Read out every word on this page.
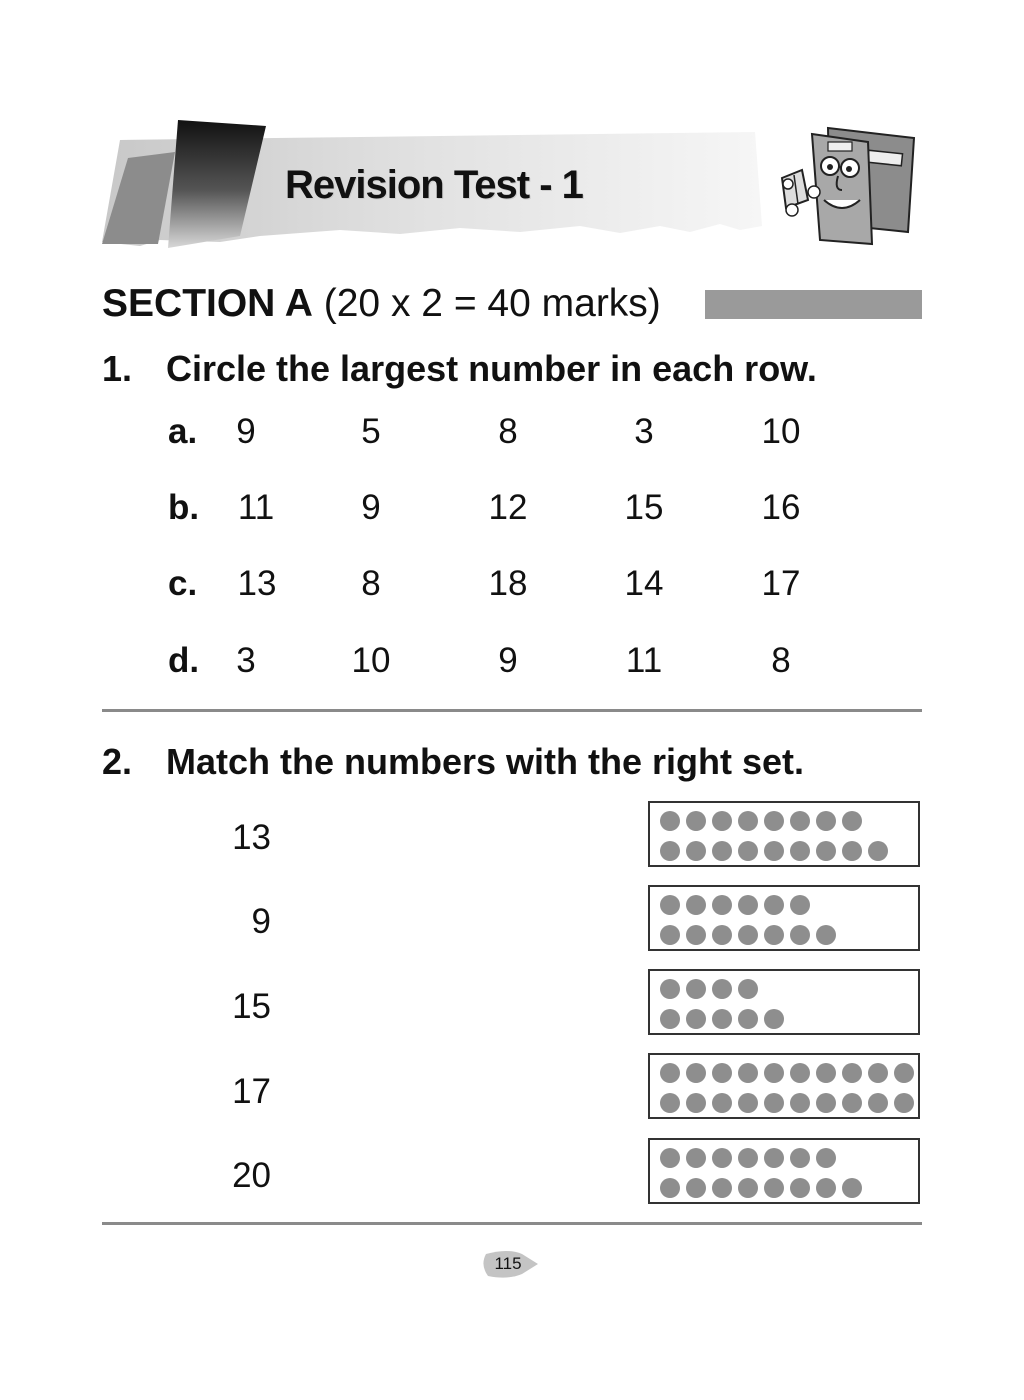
Revision Test - 1
SECTION A (20 x 2 = 40 marks)
1. Circle the largest number in each row.
a.	9	5	8	3	10
b.	11	9	12	15	16
c.	13	8	18	14	17
d.	3	10	9	11	8
2. Match the numbers with the right set.
13
9
15
17
20
115
